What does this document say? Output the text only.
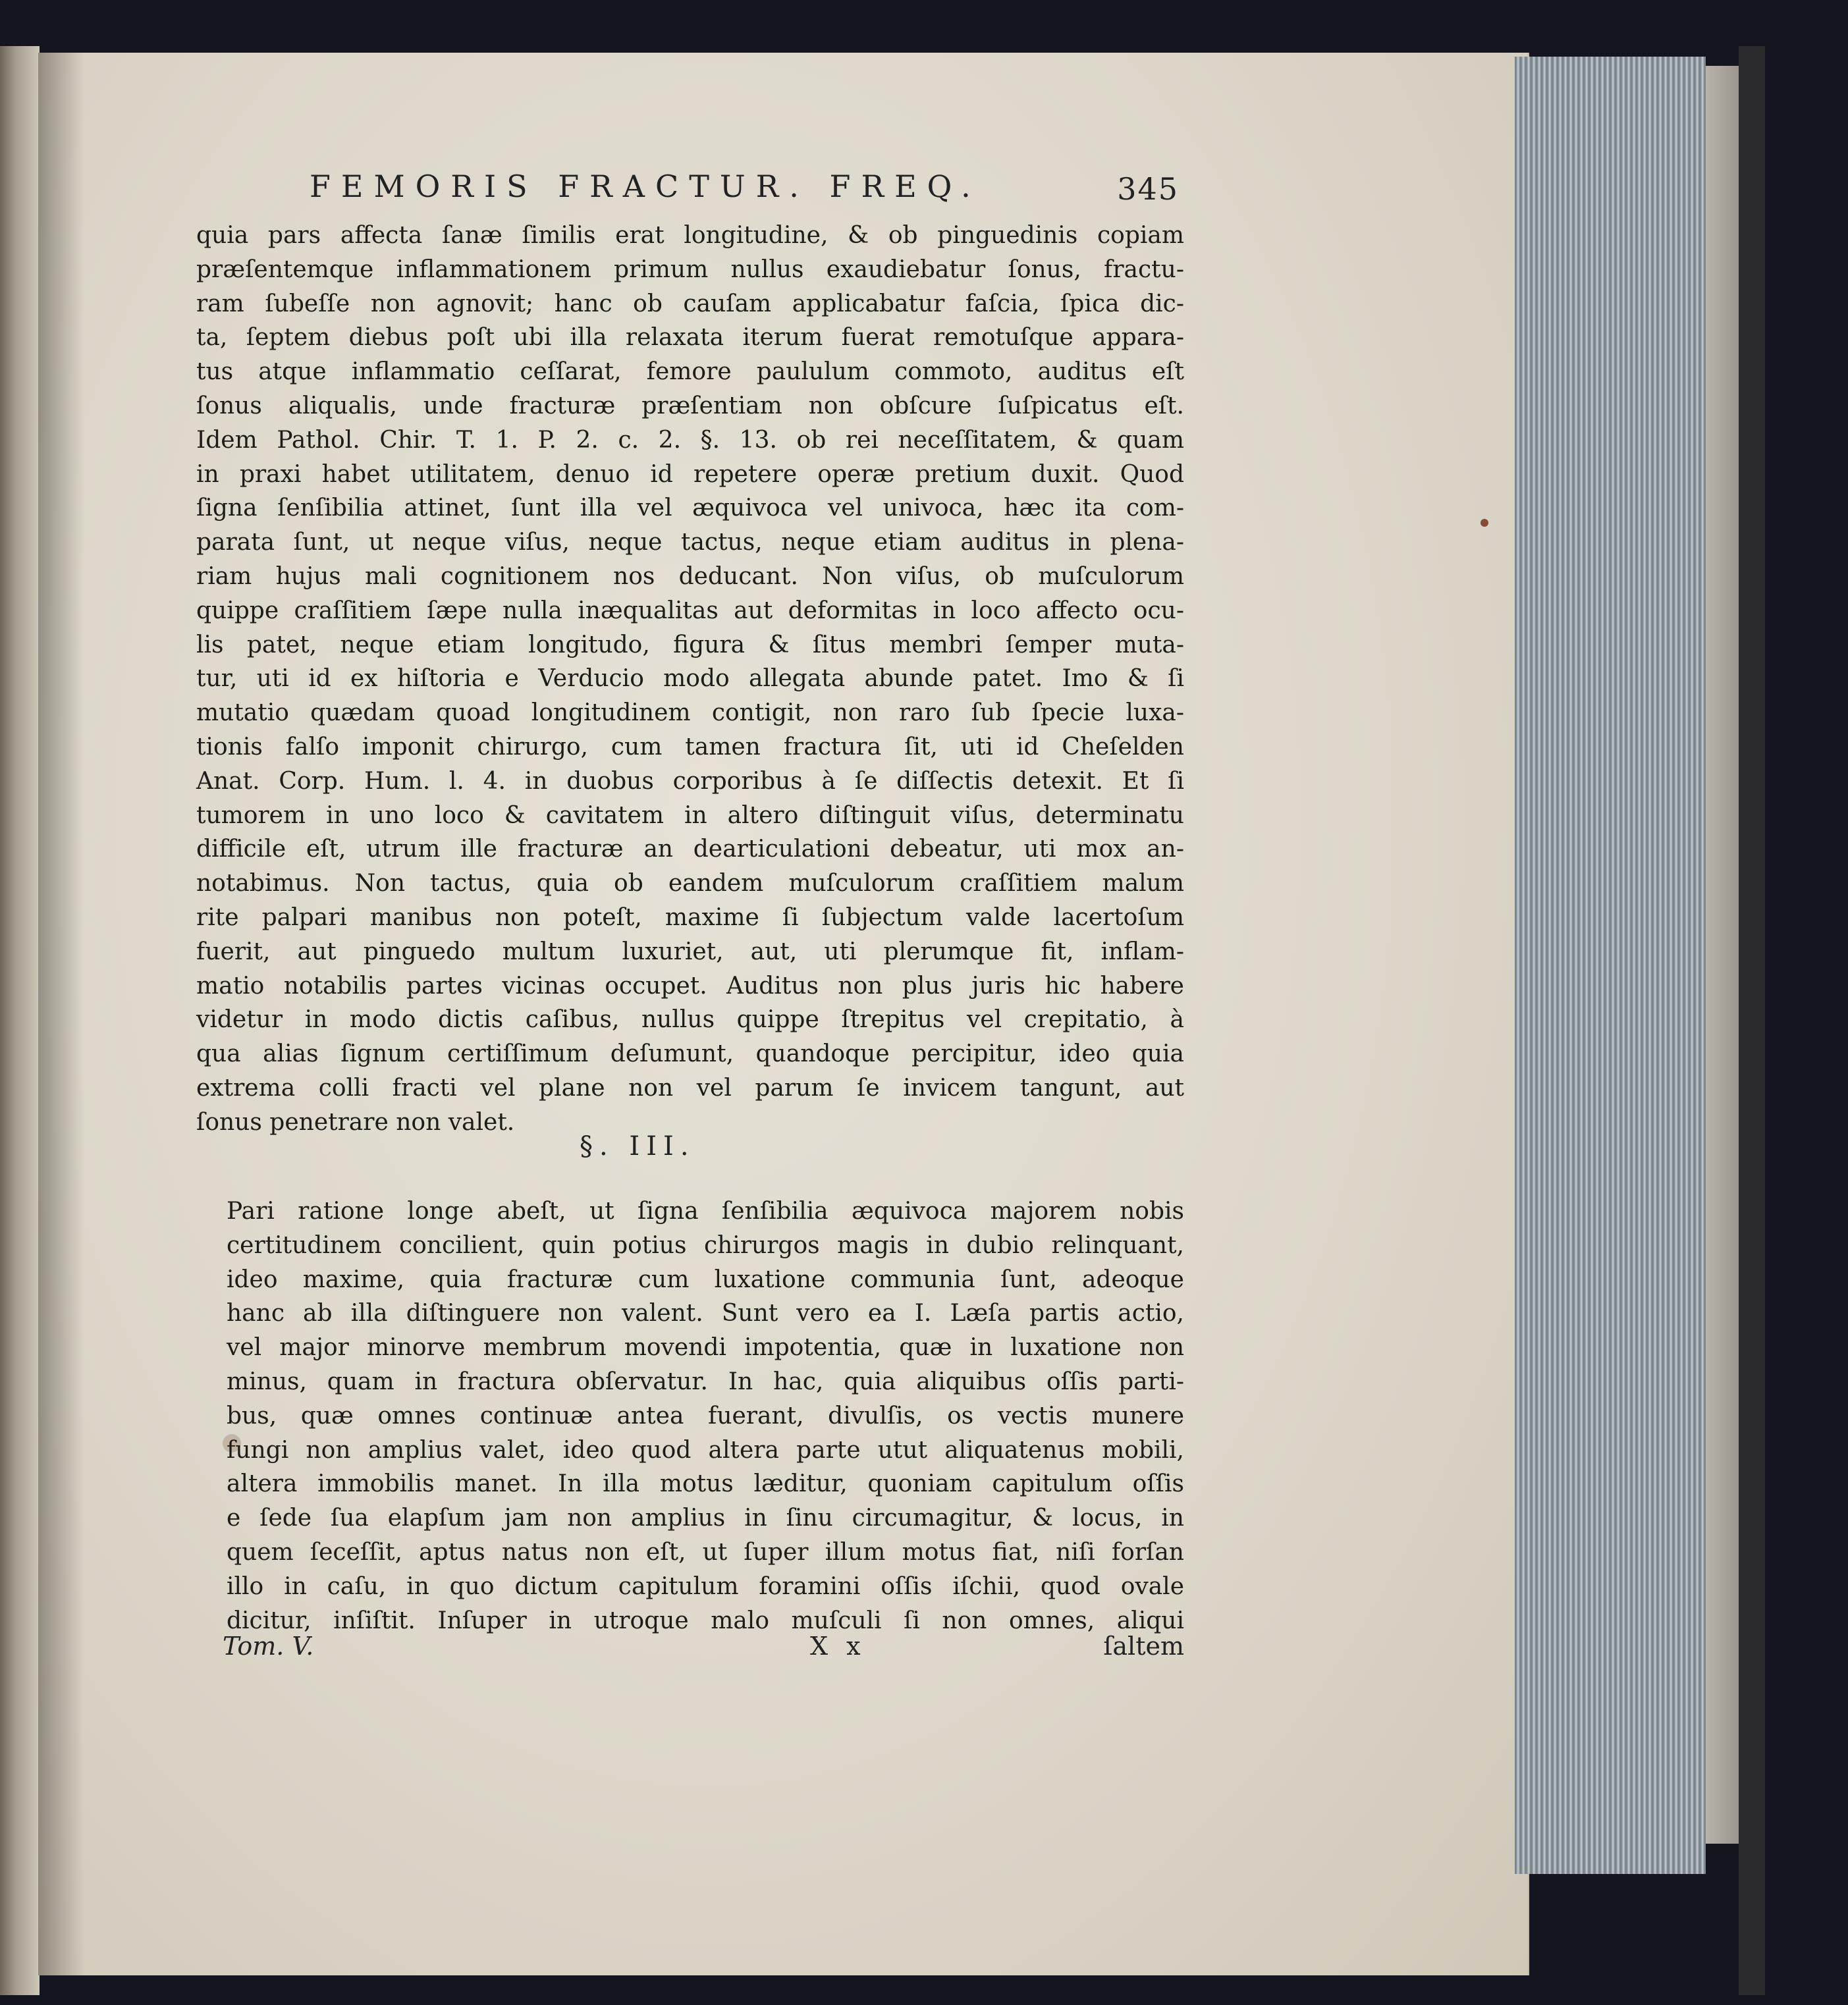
FEMORIS FRACTUR. FREQ.	345
quia pars affecta ſanæ ſimilis erat longitudine, & ob pinguedinis copiam
præſentemque inflammationem primum nullus exaudiebatur ſonus, fractu-
ram ſubeſſe non agnovit; hanc ob cauſam applicabatur faſcia, ſpica dic-
ta, ſeptem diebus poſt ubi illa relaxata iterum fuerat remotuſque appara-
tus atque inflammatio ceſſarat, femore paululum commoto, auditus eſt
ſonus aliqualis, unde fracturæ præſentiam non obſcure ſuſpicatus eſt.
Idem Pathol. Chir. T. 1. P. 2. c. 2. §. 13. ob rei neceſſitatem, & quam
in praxi habet utilitatem, denuo id repetere operæ pretium duxit. Quod
ſigna ſenſibilia attinet, ſunt illa vel æquivoca vel univoca, hæc ita com-
parata ſunt, ut neque viſus, neque tactus, neque etiam auditus in plena-
riam hujus mali cognitionem nos deducant. Non viſus, ob muſculorum
quippe craſſitiem ſæpe nulla inæqualitas aut deformitas in loco affecto ocu-
lis patet, neque etiam longitudo, figura & ſitus membri ſemper muta-
tur, uti id ex hiſtoria e Verducio modo allegata abunde patet. Imo & ſi
mutatio quædam quoad longitudinem contigit, non raro ſub ſpecie luxa-
tionis falſo imponit chirurgo, cum tamen fractura ſit, uti id Cheſelden
Anat. Corp. Hum. l. 4. in duobus corporibus à ſe diſſectis detexit. Et ſi
tumorem in uno loco & cavitatem in altero diſtinguit viſus, determinatu
difficile eſt, utrum ille fracturæ an dearticulationi debeatur, uti mox an-
notabimus. Non tactus, quia ob eandem muſculorum craſſitiem malum
rite palpari manibus non poteſt, maxime ſi ſubjectum valde lacertoſum
fuerit, aut pinguedo multum luxuriet, aut, uti plerumque fit, inflam-
matio notabilis partes vicinas occupet. Auditus non plus juris hic habere
videtur in modo dictis caſibus, nullus quippe ſtrepitus vel crepitatio, à
qua alias ſignum certiſſimum deſumunt, quandoque percipitur, ideo quia
extrema colli fracti vel plane non vel parum ſe invicem tangunt, aut
ſonus penetrare non valet.
§. III.
Pari ratione longe abeſt, ut ſigna ſenſibilia æquivoca majorem nobis
certitudinem concilient, quin potius chirurgos magis in dubio relinquant,
ideo maxime, quia fracturæ cum luxatione communia ſunt, adeoque
hanc ab illa diſtinguere non valent. Sunt vero ea I. Læſa partis actio,
vel major minorve membrum movendi impotentia, quæ in luxatione non
minus, quam in fractura obſervatur. In hac, quia aliquibus oſſis parti-
bus, quæ omnes continuæ antea fuerant, divulſis, os vectis munere
fungi non amplius valet, ideo quod altera parte utut aliquatenus mobili,
altera immobilis manet. In illa motus læditur, quoniam capitulum oſſis
e ſede ſua elapſum jam non amplius in ſinu circumagitur, & locus, in
quem ſeceſſit, aptus natus non eſt, ut ſuper illum motus fiat, niſi forſan
illo in caſu, in quo dictum capitulum foramini oſſis iſchii, quod ovale
dicitur, inſiſtit. Inſuper in utroque malo muſculi ſi non omnes, aliqui
Tom. V.	X x	ſaltem
